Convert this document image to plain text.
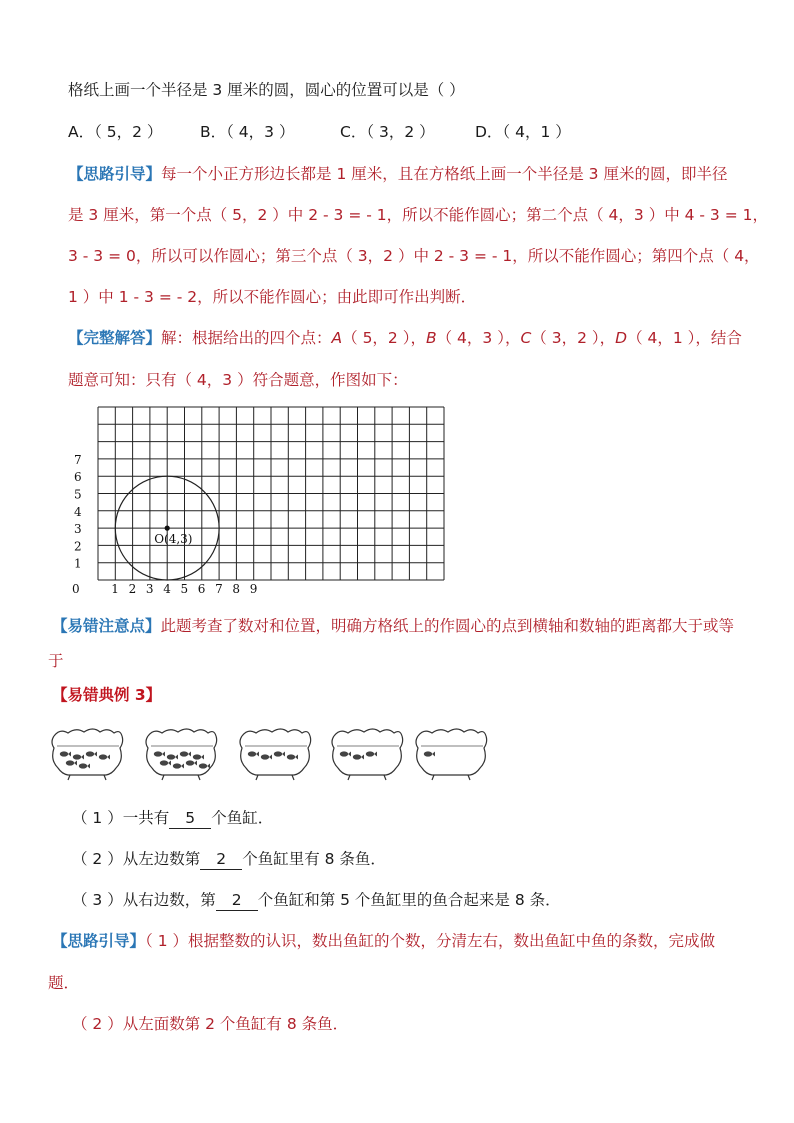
格纸上画一个半径是 3 厘米的圆，圆心的位置可以是（ ）
A．（ 5，2 ） B．（ 4，3 ）	C．（ 3，2 ）	D．（ 4，1 ）
【思路引导】每一个小正方形边长都是 1 厘米，且在方格纸上画一个半径是 3 厘米的圆，即半径
是 3 厘米，第一个点（ 5，2 ）中 2 - 3 = - 1，所以不能作圆心；第二个点（ 4，3 ）中 4 - 3 = 1，
3 - 3 = 0，所以可以作圆心；第三个点（ 3，2 ）中 2 - 3 = - 1，所以不能作圆心；第四个点（ 4，
1 ）中 1 - 3 = - 2，所以不能作圆心；由此即可作出判断．
【完整解答】解：根据给出的四个点：A（ 5，2 ），B（ 4，3 ），C（ 3，2 ），D（ 4，1 ），结合
题意可知：只有（ 4，3 ）符合题意，作图如下：
1
2
3
4
5
6
7
1 2 3 4 5 6 7 8 9
0
O(4,3)
【易错注意点】此题考查了数对和位置，明确方格纸上的作圆心的点到横轴和数轴的距离都大于或等
于
【易错典例 3】
（ 1 ）一共有 5 个鱼缸．
（ 2 ）从左边数第 2 个鱼缸里有 8 条鱼．
（ 3 ）从右边数，第 2 个鱼缸和第 5 个鱼缸里的鱼合起来是 8 条．
【思路引导】（ 1 ）根据整数的认识，数出鱼缸的个数，分清左右，数出鱼缸中鱼的条数，完成做
题．
（ 2 ）从左面数第 2 个鱼缸有 8 条鱼．
